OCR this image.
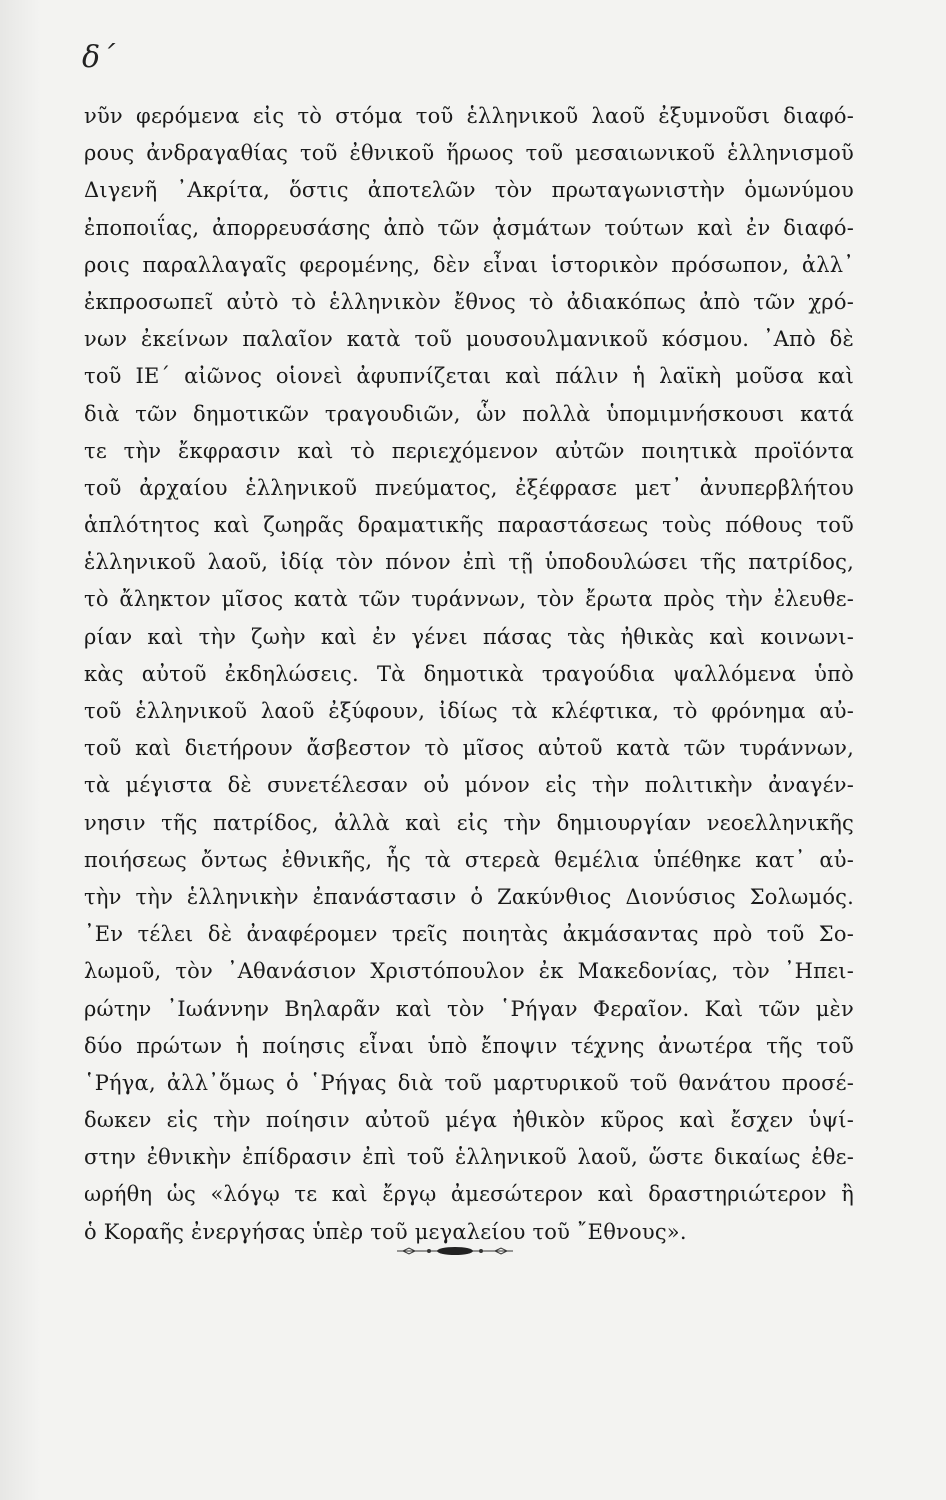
δ΄
νῦν φερόμενα εἰς τὸ στόμα τοῦ ἑλληνικοῦ λαοῦ ἐξυμνοῦσι διαφό-
ρους ἀνδραγαθίας τοῦ ἐθνικοῦ ἥρωος τοῦ μεσαιωνικοῦ ἑλληνισμοῦ
Διγενῆ ᾿Ακρίτα, ὅστις ἀποτελῶν τὸν πρωταγωνιστὴν ὁμωνύμου
ἐποποιΐας, ἀπορρευσάσης ἀπὸ τῶν ᾀσμάτων τούτων καὶ ἐν διαφό-
ροις παραλλαγαῖς φερομένης, δὲν εἶναι ἱστορικὸν πρόσωπον, ἀλλ᾿
ἐκπροσωπεῖ αὐτὸ τὸ ἑλληνικὸν ἔθνος τὸ ἀδιακόπως ἀπὸ τῶν χρό-
νων ἐκείνων παλαῖον κατὰ τοῦ μουσουλμανικοῦ κόσμου. ᾿Απὸ δὲ
τοῦ ΙΕ΄ αἰῶνος οἱονεὶ ἀφυπνίζεται καὶ πάλιν ἡ λαϊκὴ μοῦσα καὶ
διὰ τῶν δημοτικῶν τραγουδιῶν, ὧν πολλὰ ὑπομιμνήσκουσι κατά
τε τὴν ἔκφρασιν καὶ τὸ περιεχόμενον αὐτῶν ποιητικὰ προϊόντα
τοῦ ἀρχαίου ἑλληνικοῦ πνεύματος, ἐξέφρασε μετ᾿ ἀνυπερβλήτου
ἁπλότητος καὶ ζωηρᾶς δραματικῆς παραστάσεως τοὺς πόθους τοῦ
ἑλληνικοῦ λαοῦ, ἰδίᾳ τὸν πόνον ἐπὶ τῇ ὑποδουλώσει τῆς πατρίδος,
τὸ ἄληκτον μῖσος κατὰ τῶν τυράννων, τὸν ἔρωτα πρὸς τὴν ἐλευθε-
ρίαν καὶ τὴν ζωὴν καὶ ἐν γένει πάσας τὰς ἠθικὰς καὶ κοινωνι-
κὰς αὐτοῦ ἐκδηλώσεις. Τὰ δημοτικὰ τραγούδια ψαλλόμενα ὑπὸ
τοῦ ἑλληνικοῦ λαοῦ ἐξύφουν, ἰδίως τὰ κλέφτικα, τὸ φρόνημα αὐ-
τοῦ καὶ διετήρουν ἄσβεστον τὸ μῖσος αὐτοῦ κατὰ τῶν τυράννων,
τὰ μέγιστα δὲ συνετέλεσαν οὐ μόνον εἰς τὴν πολιτικὴν ἀναγέν-
νησιν τῆς πατρίδος, ἀλλὰ καὶ εἰς τὴν δημιουργίαν νεοελληνικῆς
ποιήσεως ὄντως ἐθνικῆς, ἧς τὰ στερεὰ θεμέλια ὑπέθηκε κατ᾿ αὐ-
τὴν τὴν ἑλληνικὴν ἐπανάστασιν ὁ Ζακύνθιος Διονύσιος Σολωμός.
᾿Εν τέλει δὲ ἀναφέρομεν τρεῖς ποιητὰς ἀκμάσαντας πρὸ τοῦ Σο-
λωμοῦ, τὸν ᾿Αθανάσιον Χριστόπουλον ἐκ Μακεδονίας, τὸν ᾿Ηπει-
ρώτην ᾿Ιωάννην Βηλαρᾶν καὶ τὸν ῾Ρήγαν Φεραῖον. Καὶ τῶν μὲν
δύο πρώτων ἡ ποίησις εἶναι ὑπὸ ἔποψιν τέχνης ἀνωτέρα τῆς τοῦ
῾Ρήγα, ἀλλ᾿ὅμως ὁ ῾Ρήγας διὰ τοῦ μαρτυρικοῦ τοῦ θανάτου προσέ-
δωκεν εἰς τὴν ποίησιν αὐτοῦ μέγα ἠθικὸν κῦρος καὶ ἔσχεν ὑψί-
στην ἐθνικὴν ἐπίδρασιν ἐπὶ τοῦ ἑλληνικοῦ λαοῦ, ὥστε δικαίως ἐθε-
ωρήθη ὡς «λόγῳ τε καὶ ἔργῳ ἀμεσώτερον καὶ δραστηριώτερον ἢ
ὁ Κοραῆς ἐνεργήσας ὑπὲρ τοῦ μεγαλείου τοῦ ῎Εθνους».
